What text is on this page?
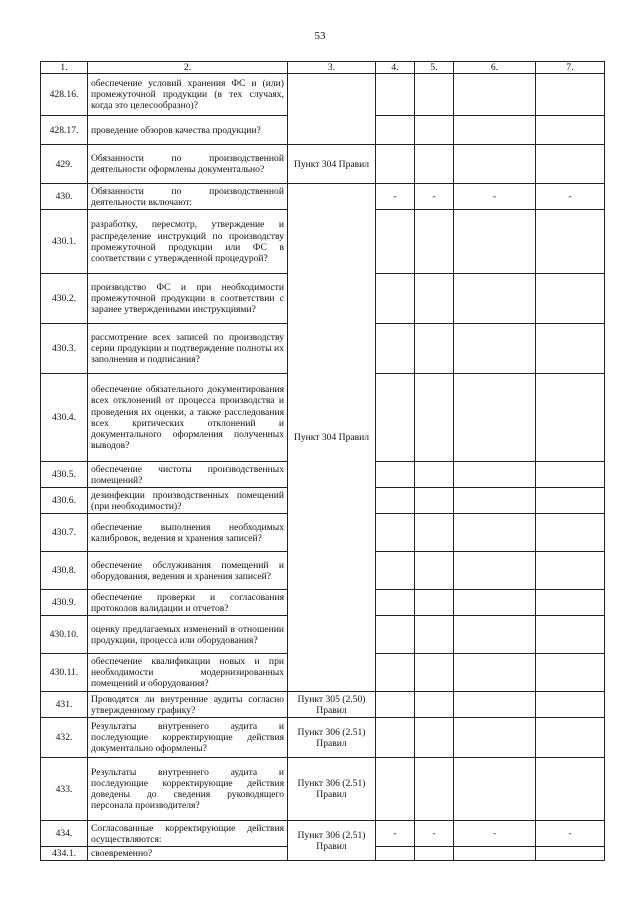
53
1.	2.	3.	4.	5.	6.	7.
428.16.	обеспечение условий хранения ФС и (или) промежуточной продукции (в тех случаях, когда это целесообразно)?					
428.17.	проведение обзоров качества продукции?					
429.	Обязанности по производственной деятельности оформлены документально?	Пункт 304 Правил				
430.	Обязанности по производственной деятельности включают:	Пункт 304 Правил	-	-	-	-
430.1.	разработку, пересмотр, утверждение и распределение инструкций по производству промежуточной продукции или ФС в соответствии с утвержденной процедурой?					
430.2.	производство ФС и при необходимости промежуточной продукции в соответствии с заранее утвержденными инструкциями?					
430.3.	рассмотрение всех записей по производству серии продукции и подтверждение полноты их заполнения и подписания?					
430.4.	обеспечение обязательного документирования всех отклонений от процесса производства и проведения их оценки, а также расследования всех критических отклонений и документального оформления полученных выводов?					
430.5.	обеспечение чистоты производственных помещений?					
430.6.	дезинфекции производственных помещений (при необходимости)?					
430.7.	обеспечение выполнения необходимых калибровок, ведения и хранения записей?					
430.8.	обеспечение обслуживания помещений и оборудования, ведения и хранения записей?					
430.9.	обеспечение проверки и согласования протоколов валидации и отчетов?					
430.10.	оценку предлагаемых изменений в отношении продукции, процесса или оборудования?					
430.11.	обеспечение квалификации новых и при необходимости модернизированных помещений и оборудования?					
431.	Проводятся ли внутренние аудиты согласно утвержденному графику?	Пункт 305 (2.50) Правил				
432.	Результаты внутреннего аудита и последующие корректирующие действия документально оформлены?	Пункт 306 (2.51) Правил				
433.	Результаты внутреннего аудита и последующие корректирующие действия доведены до сведения руководящего персонала производителя?	Пункт 306 (2.51) Правил				
434.	Согласованные корректирующие действия осуществляются:	Пункт 306 (2.51) Правил	-	-	-	-
434.1.	своевременно?					
